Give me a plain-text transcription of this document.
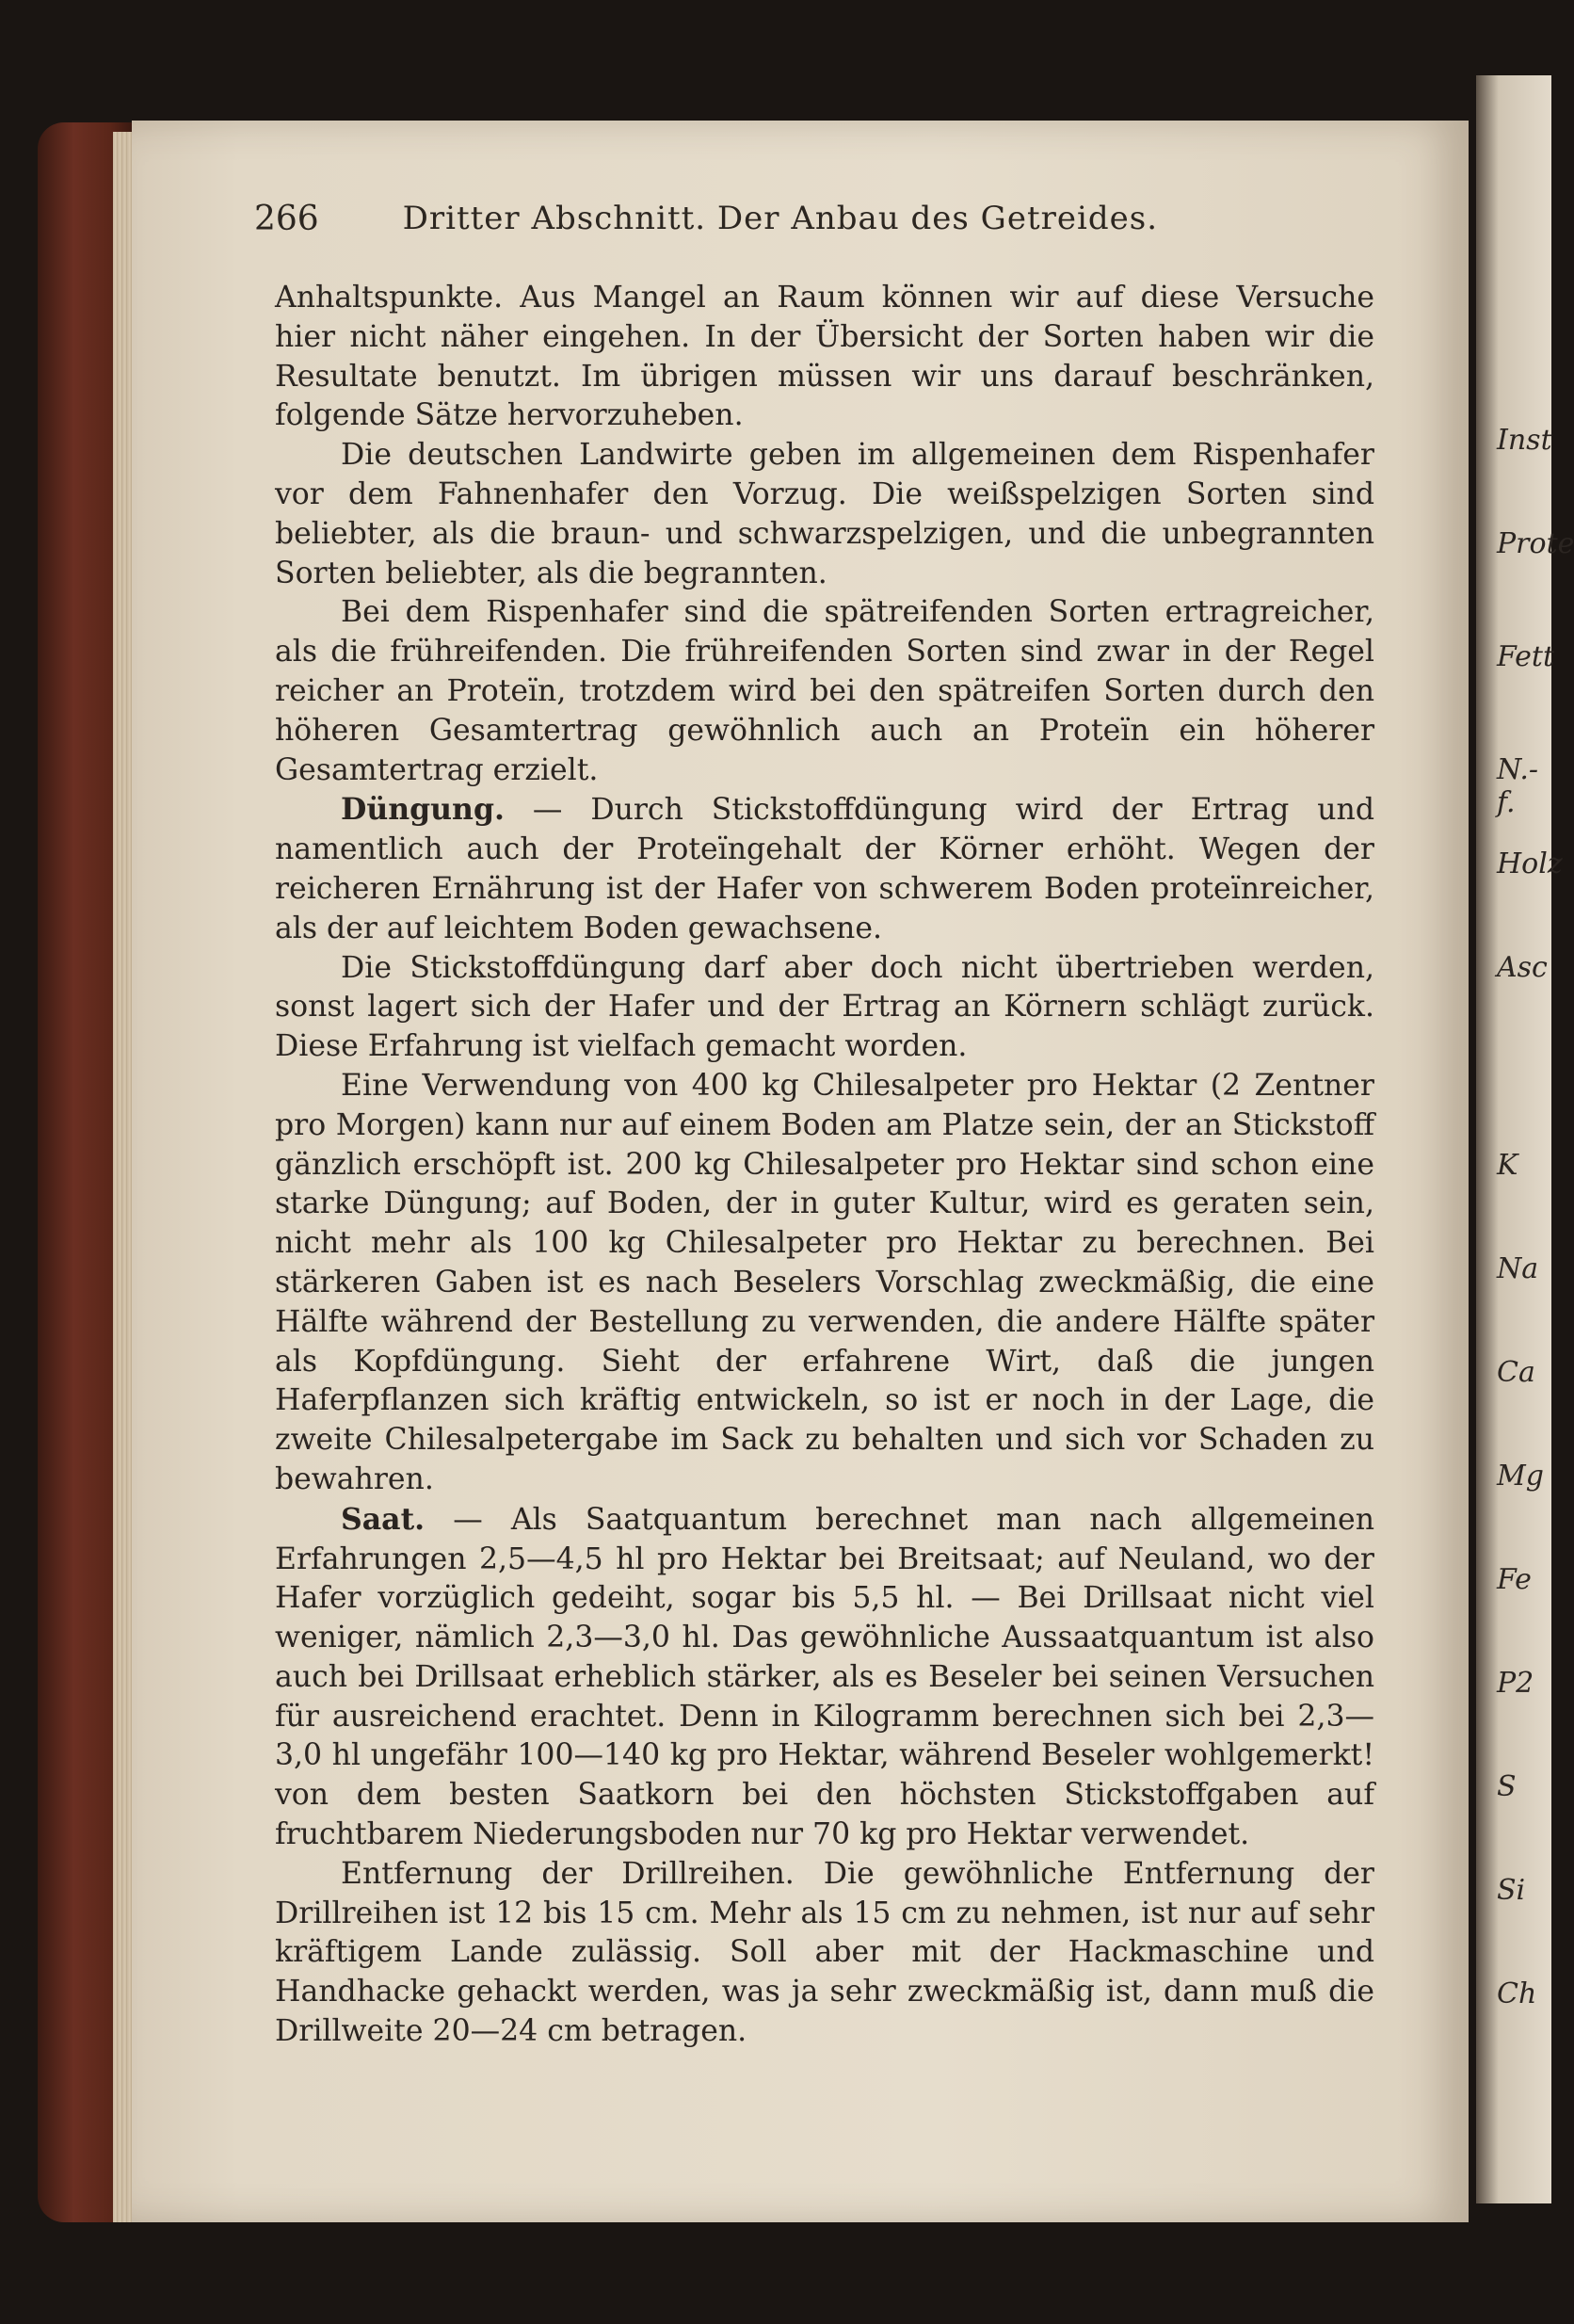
266	Dritter Abschnitt. Der Anbau des Getreides.

Anhaltspunkte. Aus Mangel an Raum können wir auf diese Versuche hier nicht näher eingehen. In der Übersicht der Sorten haben wir die Resultate benutzt. Im übrigen müssen wir uns darauf beschränken, folgende Sätze hervorzuheben.

Die deutschen Landwirte geben im allgemeinen dem Rispenhafer vor dem Fahnenhafer den Vorzug. Die weißspelzigen Sorten sind beliebter, als die braun- und schwarzspelzigen, und die unbegrannten Sorten beliebter, als die begrannten.

Bei dem Rispenhafer sind die spätreifenden Sorten ertragreicher, als die frühreifenden. Die frühreifenden Sorten sind zwar in der Regel reicher an Proteïn, trotzdem wird bei den spätreifen Sorten durch den höheren Gesamtertrag gewöhnlich auch an Proteïn ein höherer Gesamtertrag erzielt.

Düngung. — Durch Stickstoffdüngung wird der Ertrag und namentlich auch der Proteïngehalt der Körner erhöht. Wegen der reicheren Ernährung ist der Hafer von schwerem Boden proteïnreicher, als der auf leichtem Boden gewachsene.

Die Stickstoffdüngung darf aber doch nicht übertrieben werden, sonst lagert sich der Hafer und der Ertrag an Körnern schlägt zurück. Diese Erfahrung ist vielfach gemacht worden.

Eine Verwendung von 400 kg Chilesalpeter pro Hektar (2 Zentner pro Morgen) kann nur auf einem Boden am Platze sein, der an Stickstoff gänzlich erschöpft ist. 200 kg Chilesalpeter pro Hektar sind schon eine starke Düngung; auf Boden, der in guter Kultur, wird es geraten sein, nicht mehr als 100 kg Chilesalpeter pro Hektar zu berechnen. Bei stärkeren Gaben ist es nach Beselers Vorschlag zweckmäßig, die eine Hälfte während der Bestellung zu verwenden, die andere Hälfte später als Kopfdüngung. Sieht der erfahrene Wirt, daß die jungen Haferpflanzen sich kräftig entwickeln, so ist er noch in der Lage, die zweite Chilesalpetergabe im Sack zu behalten und sich vor Schaden zu bewahren.

Saat. — Als Saatquantum berechnet man nach allgemeinen Erfahrungen 2,5—4,5 hl pro Hektar bei Breitsaat; auf Neuland, wo der Hafer vorzüglich gedeiht, sogar bis 5,5 hl. — Bei Drillsaat nicht viel weniger, nämlich 2,3—3,0 hl. Das gewöhnliche Aussaatquantum ist also auch bei Drillsaat erheblich stärker, als es Beseler bei seinen Versuchen für ausreichend erachtet. Denn in Kilogramm berechnen sich bei 2,3—3,0 hl ungefähr 100—140 kg pro Hektar, während Beseler wohlgemerkt! von dem besten Saatkorn bei den höchsten Stickstoffgaben auf fruchtbarem Niederungsboden nur 70 kg pro Hektar verwendet.

Entfernung der Drillreihen. Die gewöhnliche Entfernung der Drillreihen ist 12 bis 15 cm. Mehr als 15 cm zu nehmen, ist nur auf sehr kräftigem Lande zulässig. Soll aber mit der Hackmaschine und Handhacke gehackt werden, was ja sehr zweckmäßig ist, dann muß die Drillweite 20—24 cm betragen.

Inst
Prote
Fett
N.-f.
Holz
Asc
K
Na
Ca
Mg
Fe
P2
S
Si
Ch
